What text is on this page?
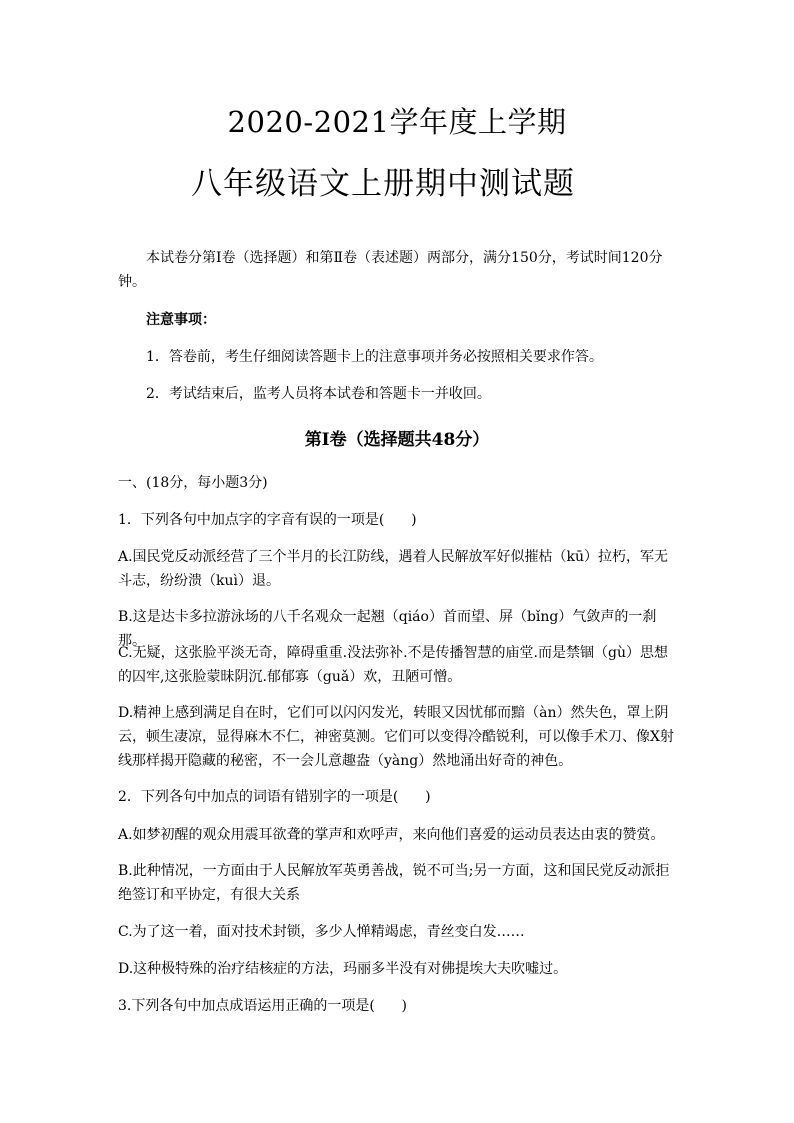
2020-2021学年度上学期
八年级语文上册期中测试题
本试卷分第Ⅰ卷（选择题）和第Ⅱ卷（表述题）两部分，满分150分，考试时间120分钟。
注意事项：
1．答卷前，考生仔细阅读答题卡上的注意事项并务必按照相关要求作答。
2．考试结束后，监考人员将本试卷和答题卡一并收回。
第Ⅰ卷（选择题共48分）
一、(18分，每小题3分)
1．下列各句中加点字的字音有误的一项是(      )
A.国民党反动派经营了三个半月的长江防线，遇着人民解放军好似摧枯（kū）拉朽，军无斗志，纷纷溃（kuì）退。
B.这是达卡多拉游泳场的八千名观众一起翘（qiáo）首而望、屏（bǐng）气敛声的一刹那。
C.无疑，这张脸平淡无奇，障碍重重.没法弥补.不是传播智慧的庙堂.而是禁锢（gù）思想的囚牢,这张脸蒙昧阴沉.郁郁寡（guǎ）欢，丑陋可憎。
D.精神上感到满足自在时，它们可以闪闪发光，转眼又因忧郁而黯（àn）然失色，罩上阴云，顿生凄凉，显得麻木不仁，神密莫测。它们可以变得冷酷锐利，可以像手术刀、像X射线那样揭开隐藏的秘密，不一会儿意趣盎（yàng）然地涌出好奇的神色。
2．下列各句中加点的词语有错别字的一项是(      )
A.如梦初醒的观众用震耳欲聋的掌声和欢呼声，来向他们喜爱的运动员表达由衷的赞赏。
B.此种情况，一方面由于人民解放军英勇善战，锐不可当;另一方面，这和国民党反动派拒绝签订和平协定，有很大关系
C.为了这一着，面对技术封锁，多少人惮精竭虑，青丝变白发……
D.这种极特殊的治疗结核症的方法，玛丽多半没有对佛提埃大夫吹嘘过。
3.下列各句中加点成语运用正确的一项是(      )
